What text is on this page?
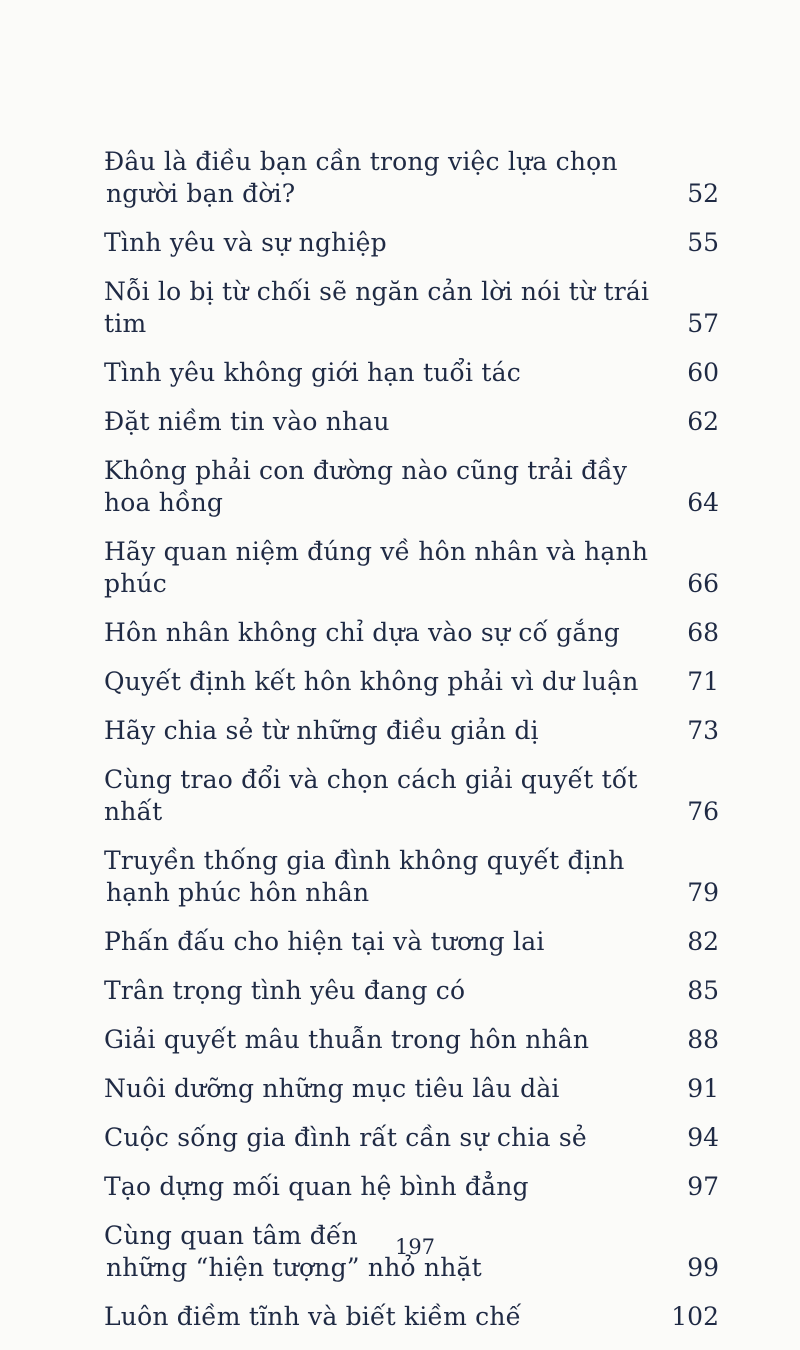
Đâu là điều bạn cần trong việc lựa chọn
người bạn đời?	52
Tình yêu và sự nghiệp	55
Nỗi lo bị từ chối sẽ ngăn cản lời nói từ trái tim	57
Tình yêu không giới hạn tuổi tác	60
Đặt niềm tin vào nhau	62
Không phải con đường nào cũng trải đầy hoa hồng	64
Hãy quan niệm đúng về hôn nhân và hạnh phúc	66
Hôn nhân không chỉ dựa vào sự cố gắng	68
Quyết định kết hôn không phải vì dư luận	71
Hãy chia sẻ từ những điều giản dị	73
Cùng trao đổi và chọn cách giải quyết tốt nhất	76
Truyền thống gia đình không quyết định
hạnh phúc hôn nhân	79
Phấn đấu cho hiện tại và tương lai	82
Trân trọng tình yêu đang có	85
Giải quyết mâu thuẫn trong hôn nhân	88
Nuôi dưỡng những mục tiêu lâu dài	91
Cuộc sống gia đình rất cần sự chia sẻ	94
Tạo dựng mối quan hệ bình đẳng	97
Cùng quan tâm đến
những “hiện tượng” nhỏ nhặt	99
Luôn điềm tĩnh và biết kiềm chế	102
197
